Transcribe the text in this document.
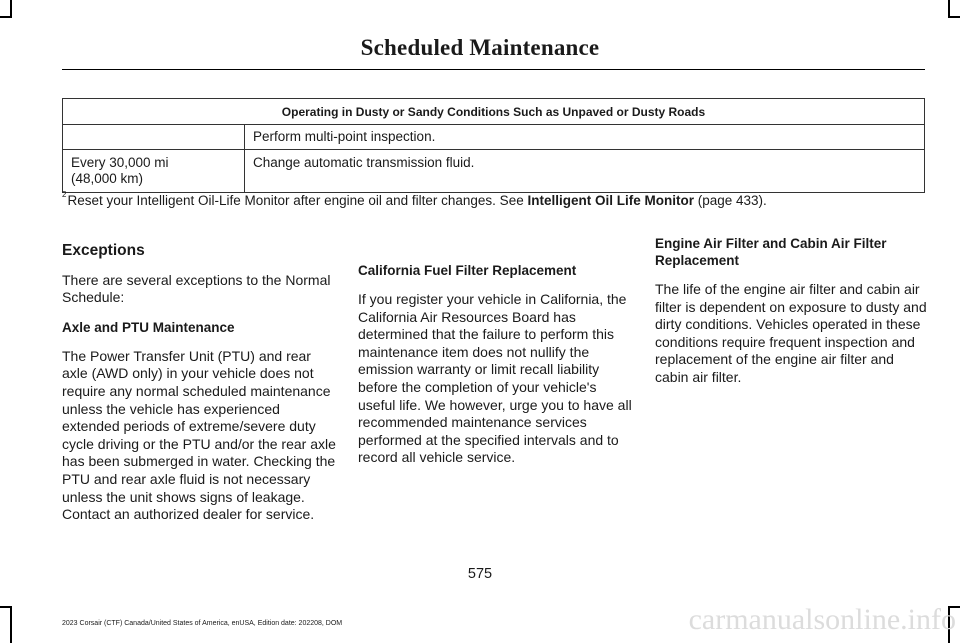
Scheduled Maintenance
Operating in Dusty or Sandy Conditions Such as Unpaved or Dusty Roads	
	Perform multi-point inspection.
Every 30,000 mi
(48,000 km)	Change automatic transmission fluid.
$^2$Reset your Intelligent Oil-Life Monitor after engine oil and filter changes. See Intelligent Oil Life Monitor (page 433).
Exceptions

There are several exceptions to the Normal Schedule:

Axle and PTU Maintenance

The Power Transfer Unit (PTU) and rear axle (AWD only) in your vehicle does not require any normal scheduled maintenance unless the vehicle has experienced extended periods of extreme/severe duty cycle driving or the PTU and/or the rear axle has been submerged in water. Checking the PTU and rear axle fluid is not necessary unless the unit shows signs of leakage. Contact an authorized dealer for service.

California Fuel Filter Replacement

If you register your vehicle in California, the California Air Resources Board has determined that the failure to perform this maintenance item does not nullify the emission warranty or limit recall liability before the completion of your vehicle's useful life. We however, urge you to have all recommended maintenance services performed at the specified intervals and to record all vehicle service.

Engine Air Filter and Cabin Air Filter Replacement

The life of the engine air filter and cabin air filter is dependent on exposure to dusty and dirty conditions. Vehicles operated in these conditions require frequent inspection and replacement of the engine air filter and cabin air filter.

575
2023 Corsair (CTF) Canada/United States of America, enUSA, Edition date: 202208, DOM	carmanualsonline.info
